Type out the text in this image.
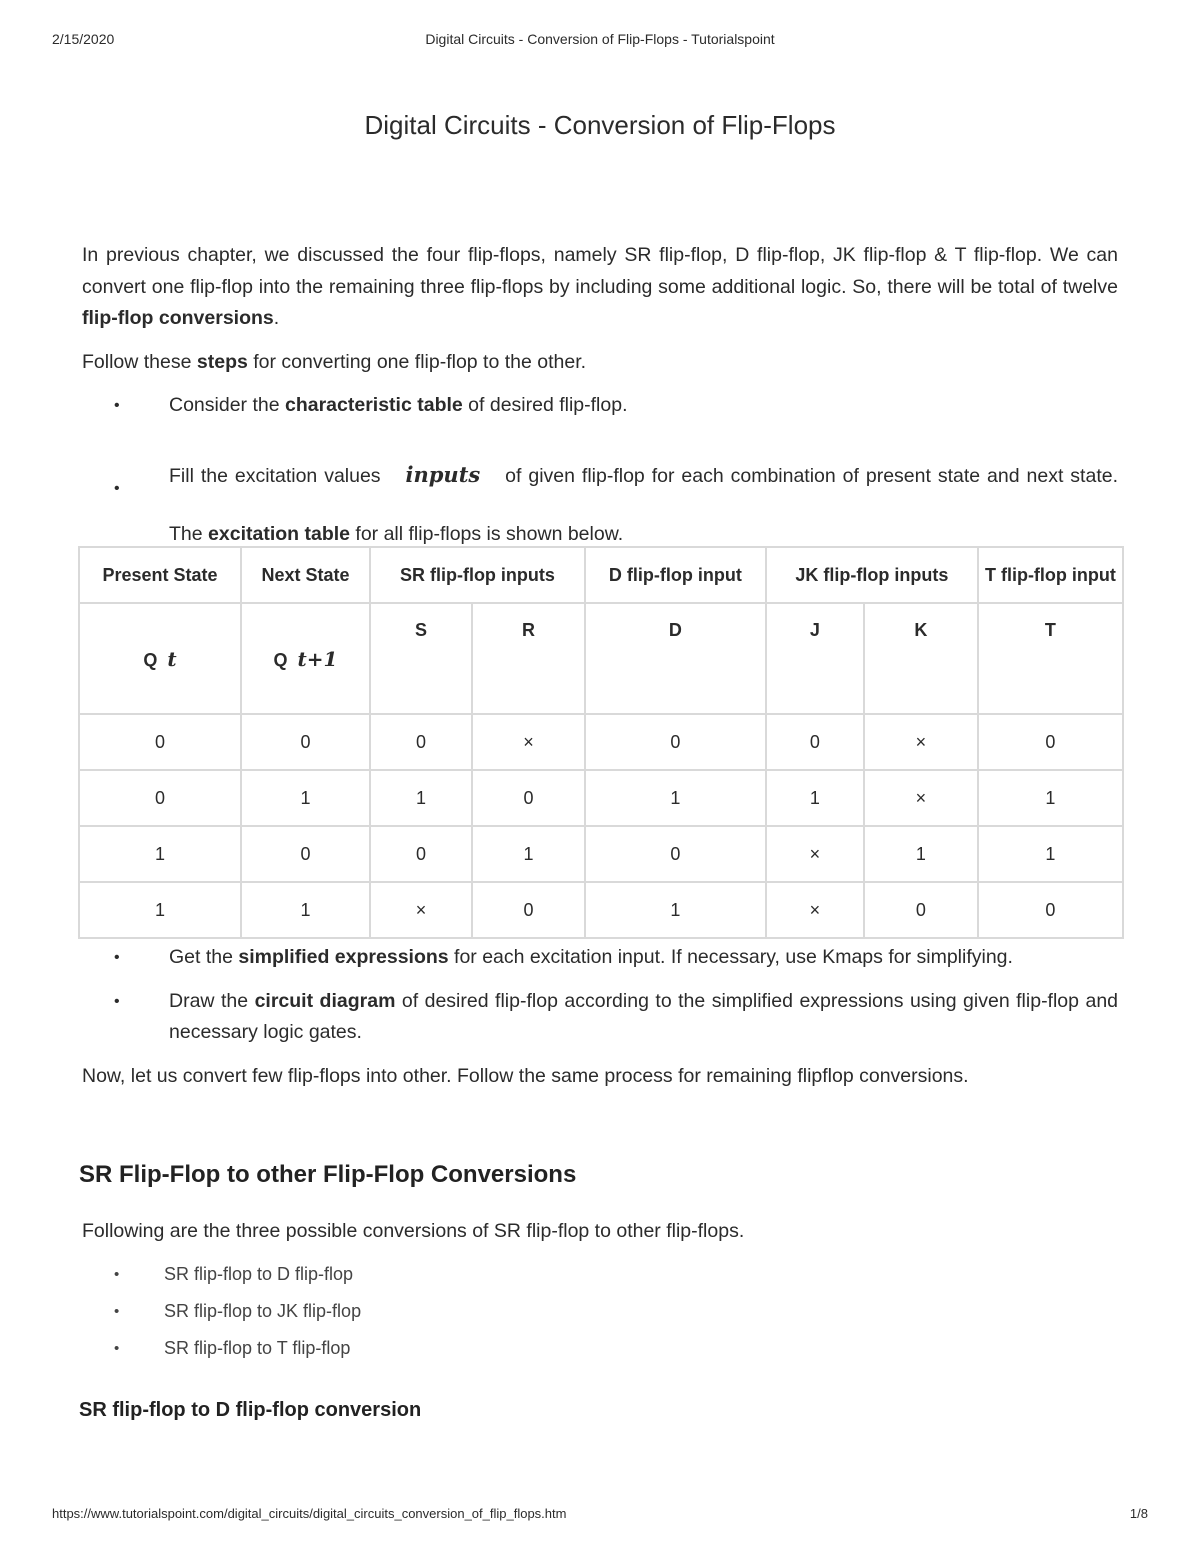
2/15/2020	Digital Circuits - Conversion of Flip-Flops - Tutorialspoint
Digital Circuits - Conversion of Flip-Flops

In previous chapter, we discussed the four flip-flops, namely SR flip-flop, D flip-flop, JK flip-flop & T flip-flop. We can convert one flip-flop into the remaining three flip-flops by including some additional logic. So, there will be total of twelve flip-flop conversions.

Follow these steps for converting one flip-flop to the other.

•	Consider the characteristic table of desired flip-flop.
•
Fill the excitation values inputs of given flip-flop for each combination of present state and next state. The excitation table for all flip-flops is shown below.
Present State	Next State	SR flip-flop inputs		D flip-flop input	JK flip-flop inputs		T flip-flop input
Q t	Q t+1	S	R	D	J	K	T
0	0	0	×	0	0	×	0
0	1	1	0	1	1	×	1
1	0	0	1	0	×	1	1
1	1	×	0	1	×	0	0
•	Get the simplified expressions for each excitation input. If necessary, use Kmaps for simplifying.
•	Draw the circuit diagram of desired flip-flop according to the simplified expressions using given flip-flop and necessary logic gates.

Now, let us convert few flip-flops into other. Follow the same process for remaining flipflop conversions.

SR Flip-Flop to other Flip-Flop Conversions

Following are the three possible conversions of SR flip-flop to other flip-flops.

• SR flip-flop to D flip-flop
• SR flip-flop to JK flip-flop
• SR flip-flop to T flip-flop
SR flip-flop to D flip-flop conversion
https://www.tutorialspoint.com/digital_circuits/digital_circuits_conversion_of_flip_flops.htm	1/8
